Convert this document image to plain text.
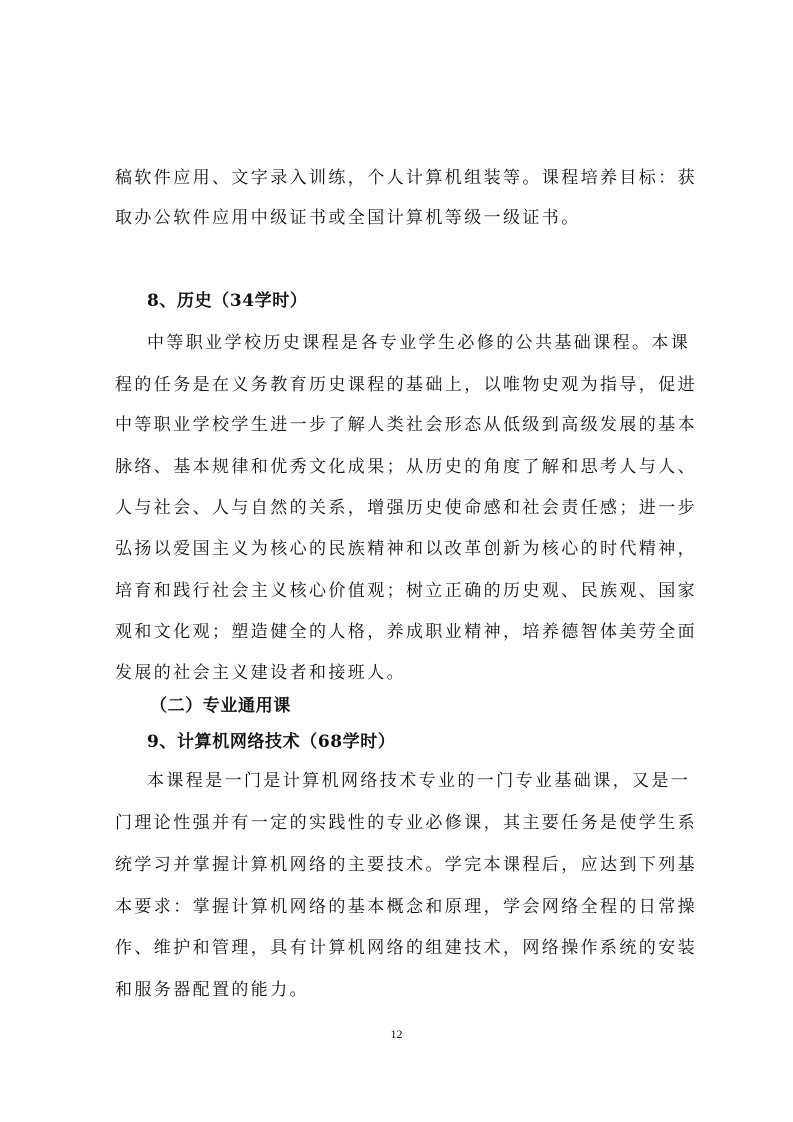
稿软件应用、文字录入训练，个人计算机组装等。课程培养目标：获
取办公软件应用中级证书或全国计算机等级一级证书。
8、历史（34学时）
中等职业学校历史课程是各专业学生必修的公共基础课程。本课
程的任务是在义务教育历史课程的基础上，以唯物史观为指导，促进
中等职业学校学生进一步了解人类社会形态从低级到高级发展的基本
脉络、基本规律和优秀文化成果；从历史的角度了解和思考人与人、
人与社会、人与自然的关系，增强历史使命感和社会责任感；进一步
弘扬以爱国主义为核心的民族精神和以改革创新为核心的时代精神，
培育和践行社会主义核心价值观；树立正确的历史观、民族观、国家
观和文化观；塑造健全的人格，养成职业精神，培养德智体美劳全面
发展的社会主义建设者和接班人。
（二）专业通用课
9、计算机网络技术（68学时）
本课程是一门是计算机网络技术专业的一门专业基础课，又是一
门理论性强并有一定的实践性的专业必修课，其主要任务是使学生系
统学习并掌握计算机网络的主要技术。学完本课程后，应达到下列基
本要求：掌握计算机网络的基本概念和原理，学会网络全程的日常操
作、维护和管理，具有计算机网络的组建技术，网络操作系统的安装
和服务器配置的能力。
12
